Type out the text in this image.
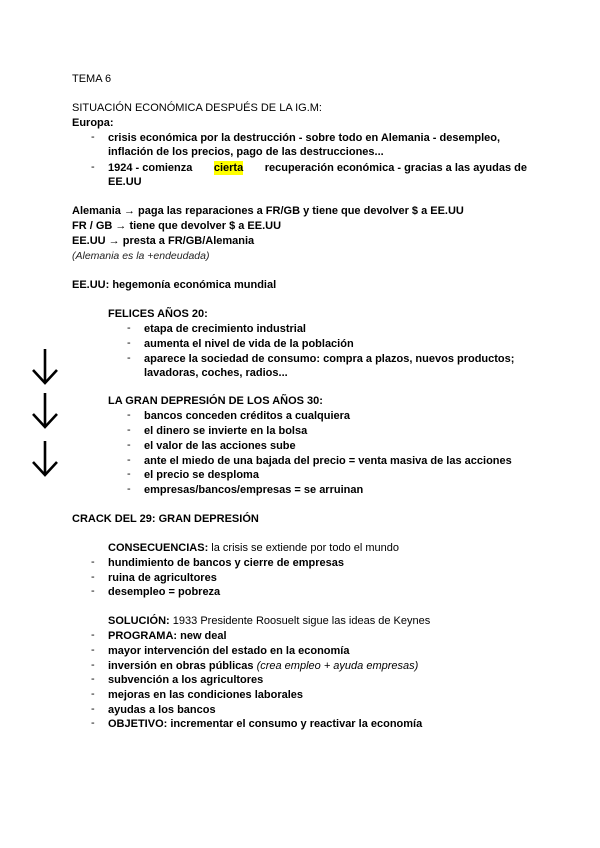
TEMA 6
SITUACIÓN ECONÓMICA DESPUÉS DE LA IG.M:
Europa:
-	crisis económica por la destrucción - sobre todo en Alemania - desempleo,
inflación de los precios, pago de las destrucciones...
-	1924 - comienza cierta recuperación económica - gracias a las ayudas de
EE.UU
Alemania → paga las reparaciones a FR/GB y tiene que devolver $ a EE.UU
FR / GB → tiene que devolver $ a EE.UU
EE.UU → presta a FR/GB/Alemania
(Alemania es la +endeudada)
EE.UU: hegemonía económica mundial
FELICES AÑOS 20:
-	etapa de crecimiento industrial
-	aumenta el nivel de vida de la población
-	aparece la sociedad de consumo: compra a plazos, nuevos productos;
lavadoras, coches, radios...
LA GRAN DEPRESIÓN DE LOS AÑOS 30:
-	bancos conceden créditos a cualquiera
-	el dinero se invierte en la bolsa
-	el valor de las acciones sube
-	ante el miedo de una bajada del precio = venta masiva de las acciones
-	el precio se desploma
-	empresas/bancos/empresas = se arruinan
CRACK DEL 29: GRAN DEPRESIÓN
CONSECUENCIAS: la crisis se extiende por todo el mundo
-	hundimiento de bancos y cierre de empresas
-	ruina de agricultores
-	desempleo = pobreza
SOLUCIÓN: 1933 Presidente Roosuelt sigue las ideas de Keynes
-	PROGRAMA: new deal
-	mayor intervención del estado en la economía
-	inversión en obras públicas (crea empleo + ayuda empresas)
-	subvención a los agricultores
-	mejoras en las condiciones laborales
-	ayudas a los bancos
-	OBJETIVO: incrementar el consumo y reactivar la economía
